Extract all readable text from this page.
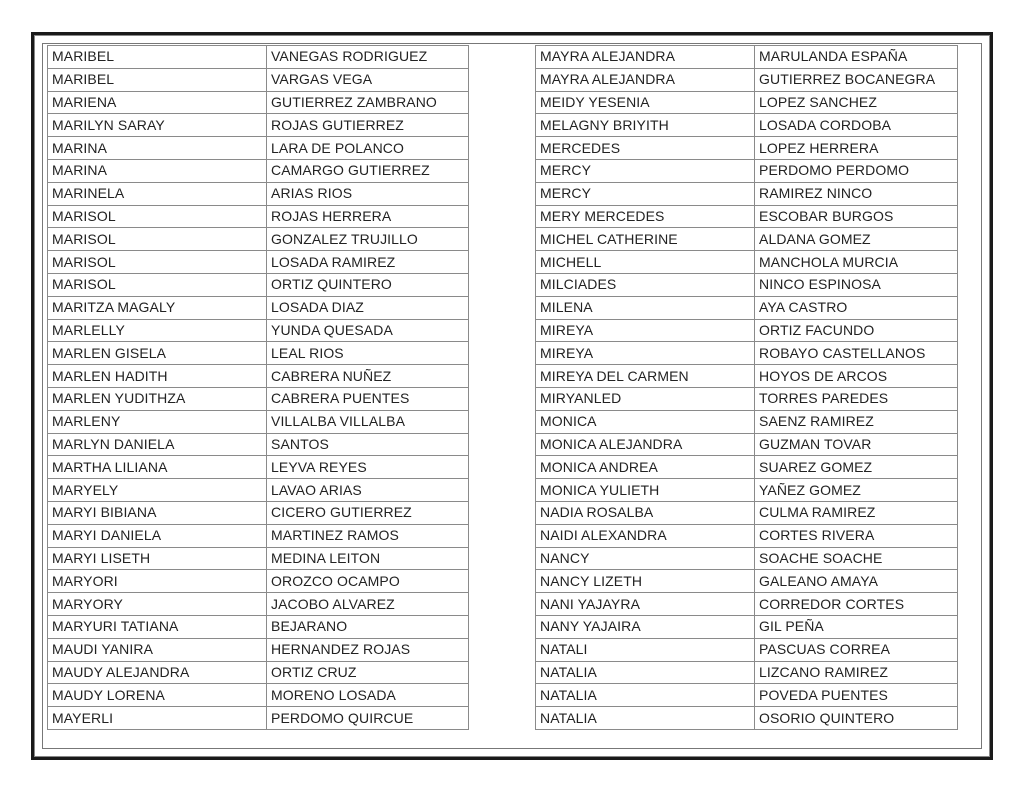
MARIBEL	VANEGAS RODRIGUEZ
MARIBEL	VARGAS VEGA
MARIENA	GUTIERREZ ZAMBRANO
MARILYN SARAY	ROJAS GUTIERREZ
MARINA	LARA DE POLANCO
MARINA	CAMARGO GUTIERREZ
MARINELA	ARIAS RIOS
MARISOL	ROJAS HERRERA
MARISOL	GONZALEZ TRUJILLO
MARISOL	LOSADA RAMIREZ
MARISOL	ORTIZ QUINTERO
MARITZA MAGALY	LOSADA DIAZ
MARLELLY	YUNDA QUESADA
MARLEN GISELA	LEAL RIOS
MARLEN HADITH	CABRERA NUÑEZ
MARLEN YUDITHZA	CABRERA PUENTES
MARLENY	VILLALBA VILLALBA
MARLYN DANIELA	SANTOS
MARTHA LILIANA	LEYVA REYES
MARYELY	LAVAO ARIAS
MARYI BIBIANA	CICERO GUTIERREZ
MARYI DANIELA	MARTINEZ RAMOS
MARYI LISETH	MEDINA LEITON
MARYORI	OROZCO OCAMPO
MARYORY	JACOBO ALVAREZ
MARYURI TATIANA	BEJARANO
MAUDI YANIRA	HERNANDEZ ROJAS
MAUDY ALEJANDRA	ORTIZ CRUZ
MAUDY LORENA	MORENO LOSADA
MAYERLI	PERDOMO QUIRCUE
MAYRA ALEJANDRA	MARULANDA ESPAÑA
MAYRA ALEJANDRA	GUTIERREZ BOCANEGRA
MEIDY YESENIA	LOPEZ SANCHEZ
MELAGNY BRIYITH	LOSADA CORDOBA
MERCEDES	LOPEZ HERRERA
MERCY	PERDOMO PERDOMO
MERCY	RAMIREZ NINCO
MERY MERCEDES	ESCOBAR BURGOS
MICHEL CATHERINE	ALDANA GOMEZ
MICHELL	MANCHOLA MURCIA
MILCIADES	NINCO ESPINOSA
MILENA	AYA CASTRO
MIREYA	ORTIZ FACUNDO
MIREYA	ROBAYO CASTELLANOS
MIREYA DEL CARMEN	HOYOS DE ARCOS
MIRYANLED	TORRES PAREDES
MONICA	SAENZ RAMIREZ
MONICA ALEJANDRA	GUZMAN TOVAR
MONICA ANDREA	SUAREZ GOMEZ
MONICA YULIETH	YAÑEZ GOMEZ
NADIA ROSALBA	CULMA RAMIREZ
NAIDI ALEXANDRA	CORTES RIVERA
NANCY	SOACHE SOACHE
NANCY LIZETH	GALEANO AMAYA
NANI YAJAYRA	CORREDOR CORTES
NANY YAJAIRA	GIL PEÑA
NATALI	PASCUAS CORREA
NATALIA	LIZCANO RAMIREZ
NATALIA	POVEDA PUENTES
NATALIA	OSORIO QUINTERO
